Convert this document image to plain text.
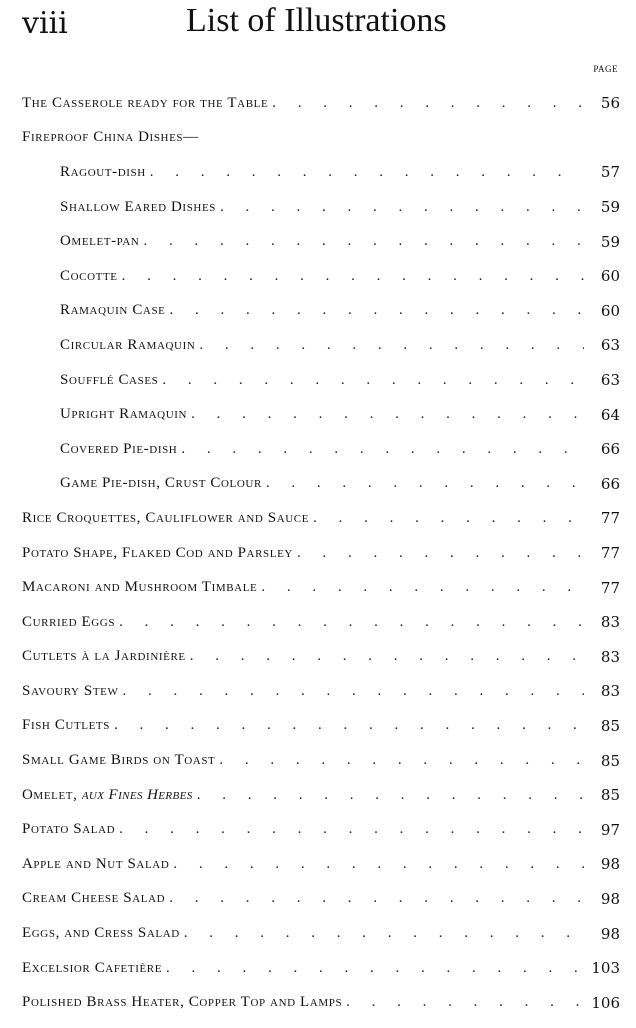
viii	List of Illustrations
PAGE
The Casserole ready for the Table . . .	56
Fireproof China Dishes—
Ragout-dish . . .	57
Shallow Eared Dishes . . .	59
Omelet-pan . . .	59
Cocotte . . .	60
Ramaquin Case . . .	60
Circular Ramaquin . . .	63
Soufflé Cases . . .	63
Upright Ramaquin . . .	64
Covered Pie-dish . . .	66
Game Pie-dish, Crust Colour . . .	66
Rice Croquettes, Cauliflower and Sauce . . .	77
Potato Shape, Flaked Cod and Parsley . . .	77
Macaroni and Mushroom Timbale . . .	77
Curried Eggs . . .	83
Cutlets à la Jardinière . . .	83
Savoury Stew . . .	83
Fish Cutlets . . .	85
Small Game Birds on Toast . . .	85
Omelet, aux Fines Herbes . . .	85
Potato Salad . . .	97
Apple and Nut Salad . . .	98
Cream Cheese Salad . . .	98
Eggs, and Cress Salad . . .	98
Excelsior Cafetière . . .	103
Polished Brass Heater, Copper Top and Lamps . . .	106
